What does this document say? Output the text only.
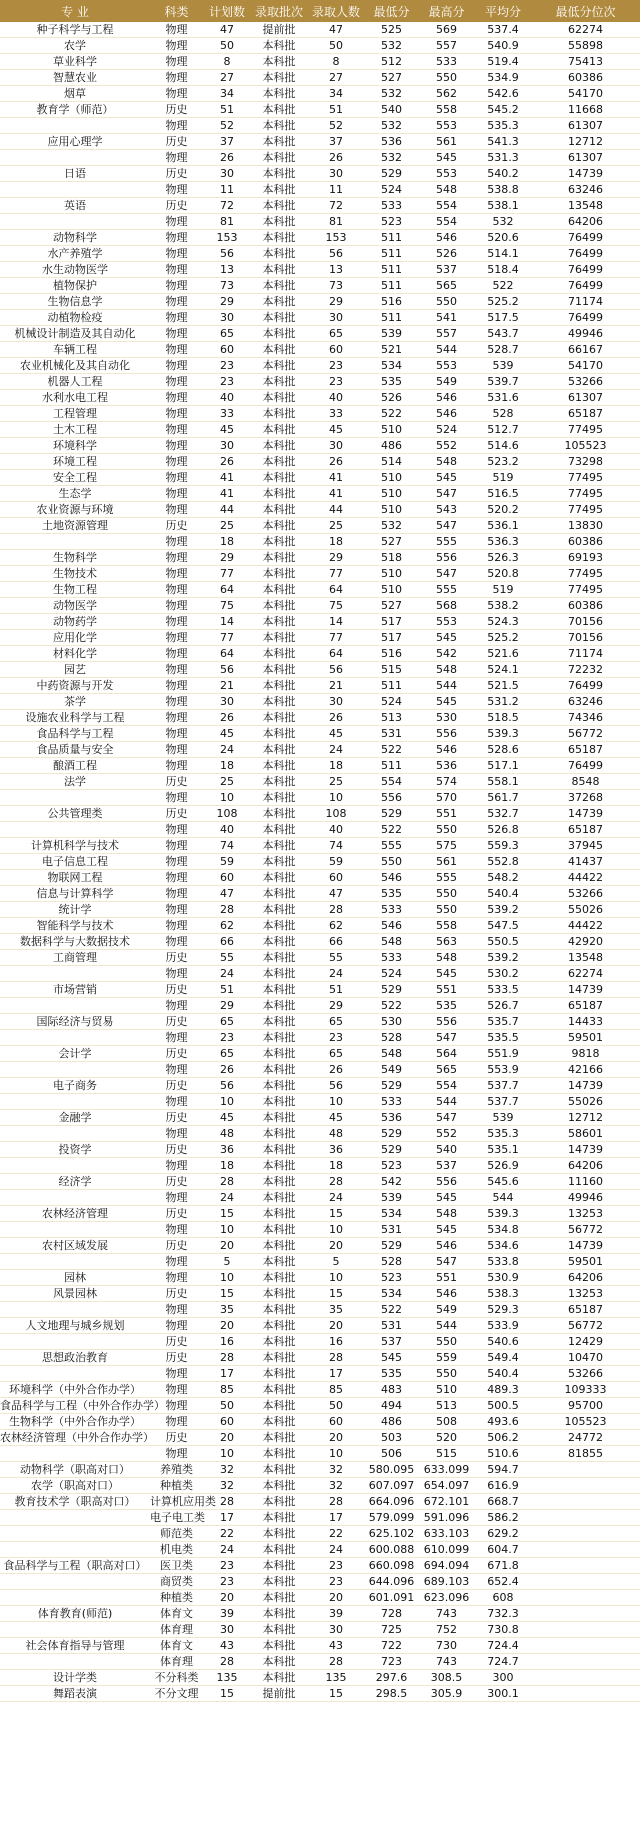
专 业	科类	计划数	录取批次	录取人数	最低分	最高分	平均分	最低分位次
种子科学与工程	物理	47	提前批	47	525	569	537.4	62274
农学	物理	50	本科批	50	532	557	540.9	55898
草业科学	物理	8	本科批	8	512	533	519.4	75413
智慧农业	物理	27	本科批	27	527	550	534.9	60386
烟草	物理	34	本科批	34	532	562	542.6	54170
教育学（师范）	历史	51	本科批	51	540	558	545.2	11668
	物理	52	本科批	52	532	553	535.3	61307
应用心理学	历史	37	本科批	37	536	561	541.3	12712
	物理	26	本科批	26	532	545	531.3	61307
日语	历史	30	本科批	30	529	553	540.2	14739
	物理	11	本科批	11	524	548	538.8	63246
英语	历史	72	本科批	72	533	554	538.1	13548
	物理	81	本科批	81	523	554	532	64206
动物科学	物理	153	本科批	153	511	546	520.6	76499
水产养殖学	物理	56	本科批	56	511	526	514.1	76499
水生动物医学	物理	13	本科批	13	511	537	518.4	76499
植物保护	物理	73	本科批	73	511	565	522	76499
生物信息学	物理	29	本科批	29	516	550	525.2	71174
动植物检疫	物理	30	本科批	30	511	541	517.5	76499
机械设计制造及其自动化	物理	65	本科批	65	539	557	543.7	49946
车辆工程	物理	60	本科批	60	521	544	528.7	66167
农业机械化及其自动化	物理	23	本科批	23	534	553	539	54170
机器人工程	物理	23	本科批	23	535	549	539.7	53266
水利水电工程	物理	40	本科批	40	526	546	531.6	61307
工程管理	物理	33	本科批	33	522	546	528	65187
土木工程	物理	45	本科批	45	510	524	512.7	77495
环境科学	物理	30	本科批	30	486	552	514.6	105523
环境工程	物理	26	本科批	26	514	548	523.2	73298
安全工程	物理	41	本科批	41	510	545	519	77495
生态学	物理	41	本科批	41	510	547	516.5	77495
农业资源与环境	物理	44	本科批	44	510	543	520.2	77495
土地资源管理	历史	25	本科批	25	532	547	536.1	13830
	物理	18	本科批	18	527	555	536.3	60386
生物科学	物理	29	本科批	29	518	556	526.3	69193
生物技术	物理	77	本科批	77	510	547	520.8	77495
生物工程	物理	64	本科批	64	510	555	519	77495
动物医学	物理	75	本科批	75	527	568	538.2	60386
动物药学	物理	14	本科批	14	517	553	524.3	70156
应用化学	物理	77	本科批	77	517	545	525.2	70156
材料化学	物理	64	本科批	64	516	542	521.6	71174
园艺	物理	56	本科批	56	515	548	524.1	72232
中药资源与开发	物理	21	本科批	21	511	544	521.5	76499
茶学	物理	30	本科批	30	524	545	531.2	63246
设施农业科学与工程	物理	26	本科批	26	513	530	518.5	74346
食品科学与工程	物理	45	本科批	45	531	556	539.3	56772
食品质量与安全	物理	24	本科批	24	522	546	528.6	65187
酿酒工程	物理	18	本科批	18	511	536	517.1	76499
法学	历史	25	本科批	25	554	574	558.1	8548
	物理	10	本科批	10	556	570	561.7	37268
公共管理类	历史	108	本科批	108	529	551	532.7	14739
	物理	40	本科批	40	522	550	526.8	65187
计算机科学与技术	物理	74	本科批	74	555	575	559.3	37945
电子信息工程	物理	59	本科批	59	550	561	552.8	41437
物联网工程	物理	60	本科批	60	546	555	548.2	44422
信息与计算科学	物理	47	本科批	47	535	550	540.4	53266
统计学	物理	28	本科批	28	533	550	539.2	55026
智能科学与技术	物理	62	本科批	62	546	558	547.5	44422
数据科学与大数据技术	物理	66	本科批	66	548	563	550.5	42920
工商管理	历史	55	本科批	55	533	548	539.2	13548
	物理	24	本科批	24	524	545	530.2	62274
市场营销	历史	51	本科批	51	529	551	533.5	14739
	物理	29	本科批	29	522	535	526.7	65187
国际经济与贸易	历史	65	本科批	65	530	556	535.7	14433
	物理	23	本科批	23	528	547	535.5	59501
会计学	历史	65	本科批	65	548	564	551.9	9818
	物理	26	本科批	26	549	565	553.9	42166
电子商务	历史	56	本科批	56	529	554	537.7	14739
	物理	10	本科批	10	533	544	537.7	55026
金融学	历史	45	本科批	45	536	547	539	12712
	物理	48	本科批	48	529	552	535.3	58601
投资学	历史	36	本科批	36	529	540	535.1	14739
	物理	18	本科批	18	523	537	526.9	64206
经济学	历史	28	本科批	28	542	556	545.6	11160
	物理	24	本科批	24	539	545	544	49946
农林经济管理	历史	15	本科批	15	534	548	539.3	13253
	物理	10	本科批	10	531	545	534.8	56772
农村区域发展	历史	20	本科批	20	529	546	534.6	14739
	物理	5	本科批	5	528	547	533.8	59501
园林	物理	10	本科批	10	523	551	530.9	64206
风景园林	历史	15	本科批	15	534	546	538.3	13253
	物理	35	本科批	35	522	549	529.3	65187
人文地理与城乡规划	物理	20	本科批	20	531	544	533.9	56772
	历史	16	本科批	16	537	550	540.6	12429
思想政治教育	历史	28	本科批	28	545	559	549.4	10470
	物理	17	本科批	17	535	550	540.4	53266
环境科学（中外合作办学）	物理	85	本科批	85	483	510	489.3	109333
食品科学与工程（中外合作办学）	物理	50	本科批	50	494	513	500.5	95700
生物科学（中外合作办学）	物理	60	本科批	60	486	508	493.6	105523
农林经济管理（中外合作办学）	历史	20	本科批	20	503	520	506.2	24772
	物理	10	本科批	10	506	515	510.6	81855
动物科学（职高对口）	养殖类	32	本科批	32	580.095	633.099	594.7	
农学（职高对口）	种植类	32	本科批	32	607.097	654.097	616.9	
教育技术学（职高对口）	计算机应用类	28	本科批	28	664.096	672.101	668.7	
	电子电工类	17	本科批	17	579.099	591.096	586.2	
	师范类	22	本科批	22	625.102	633.103	629.2	
	机电类	24	本科批	24	600.088	610.099	604.7	
食品科学与工程（职高对口）	医卫类	23	本科批	23	660.098	694.094	671.8	
	商贸类	23	本科批	23	644.096	689.103	652.4	
	种植类	20	本科批	20	601.091	623.096	608	
体育教育(师范)	体育文	39	本科批	39	728	743	732.3	
	体育理	30	本科批	30	725	752	730.8	
社会体育指导与管理	体育文	43	本科批	43	722	730	724.4	
	体育理	28	本科批	28	723	743	724.7	
设计学类	不分科类	135	本科批	135	297.6	308.5	300	
舞蹈表演	不分文理	15	提前批	15	298.5	305.9	300.1	
